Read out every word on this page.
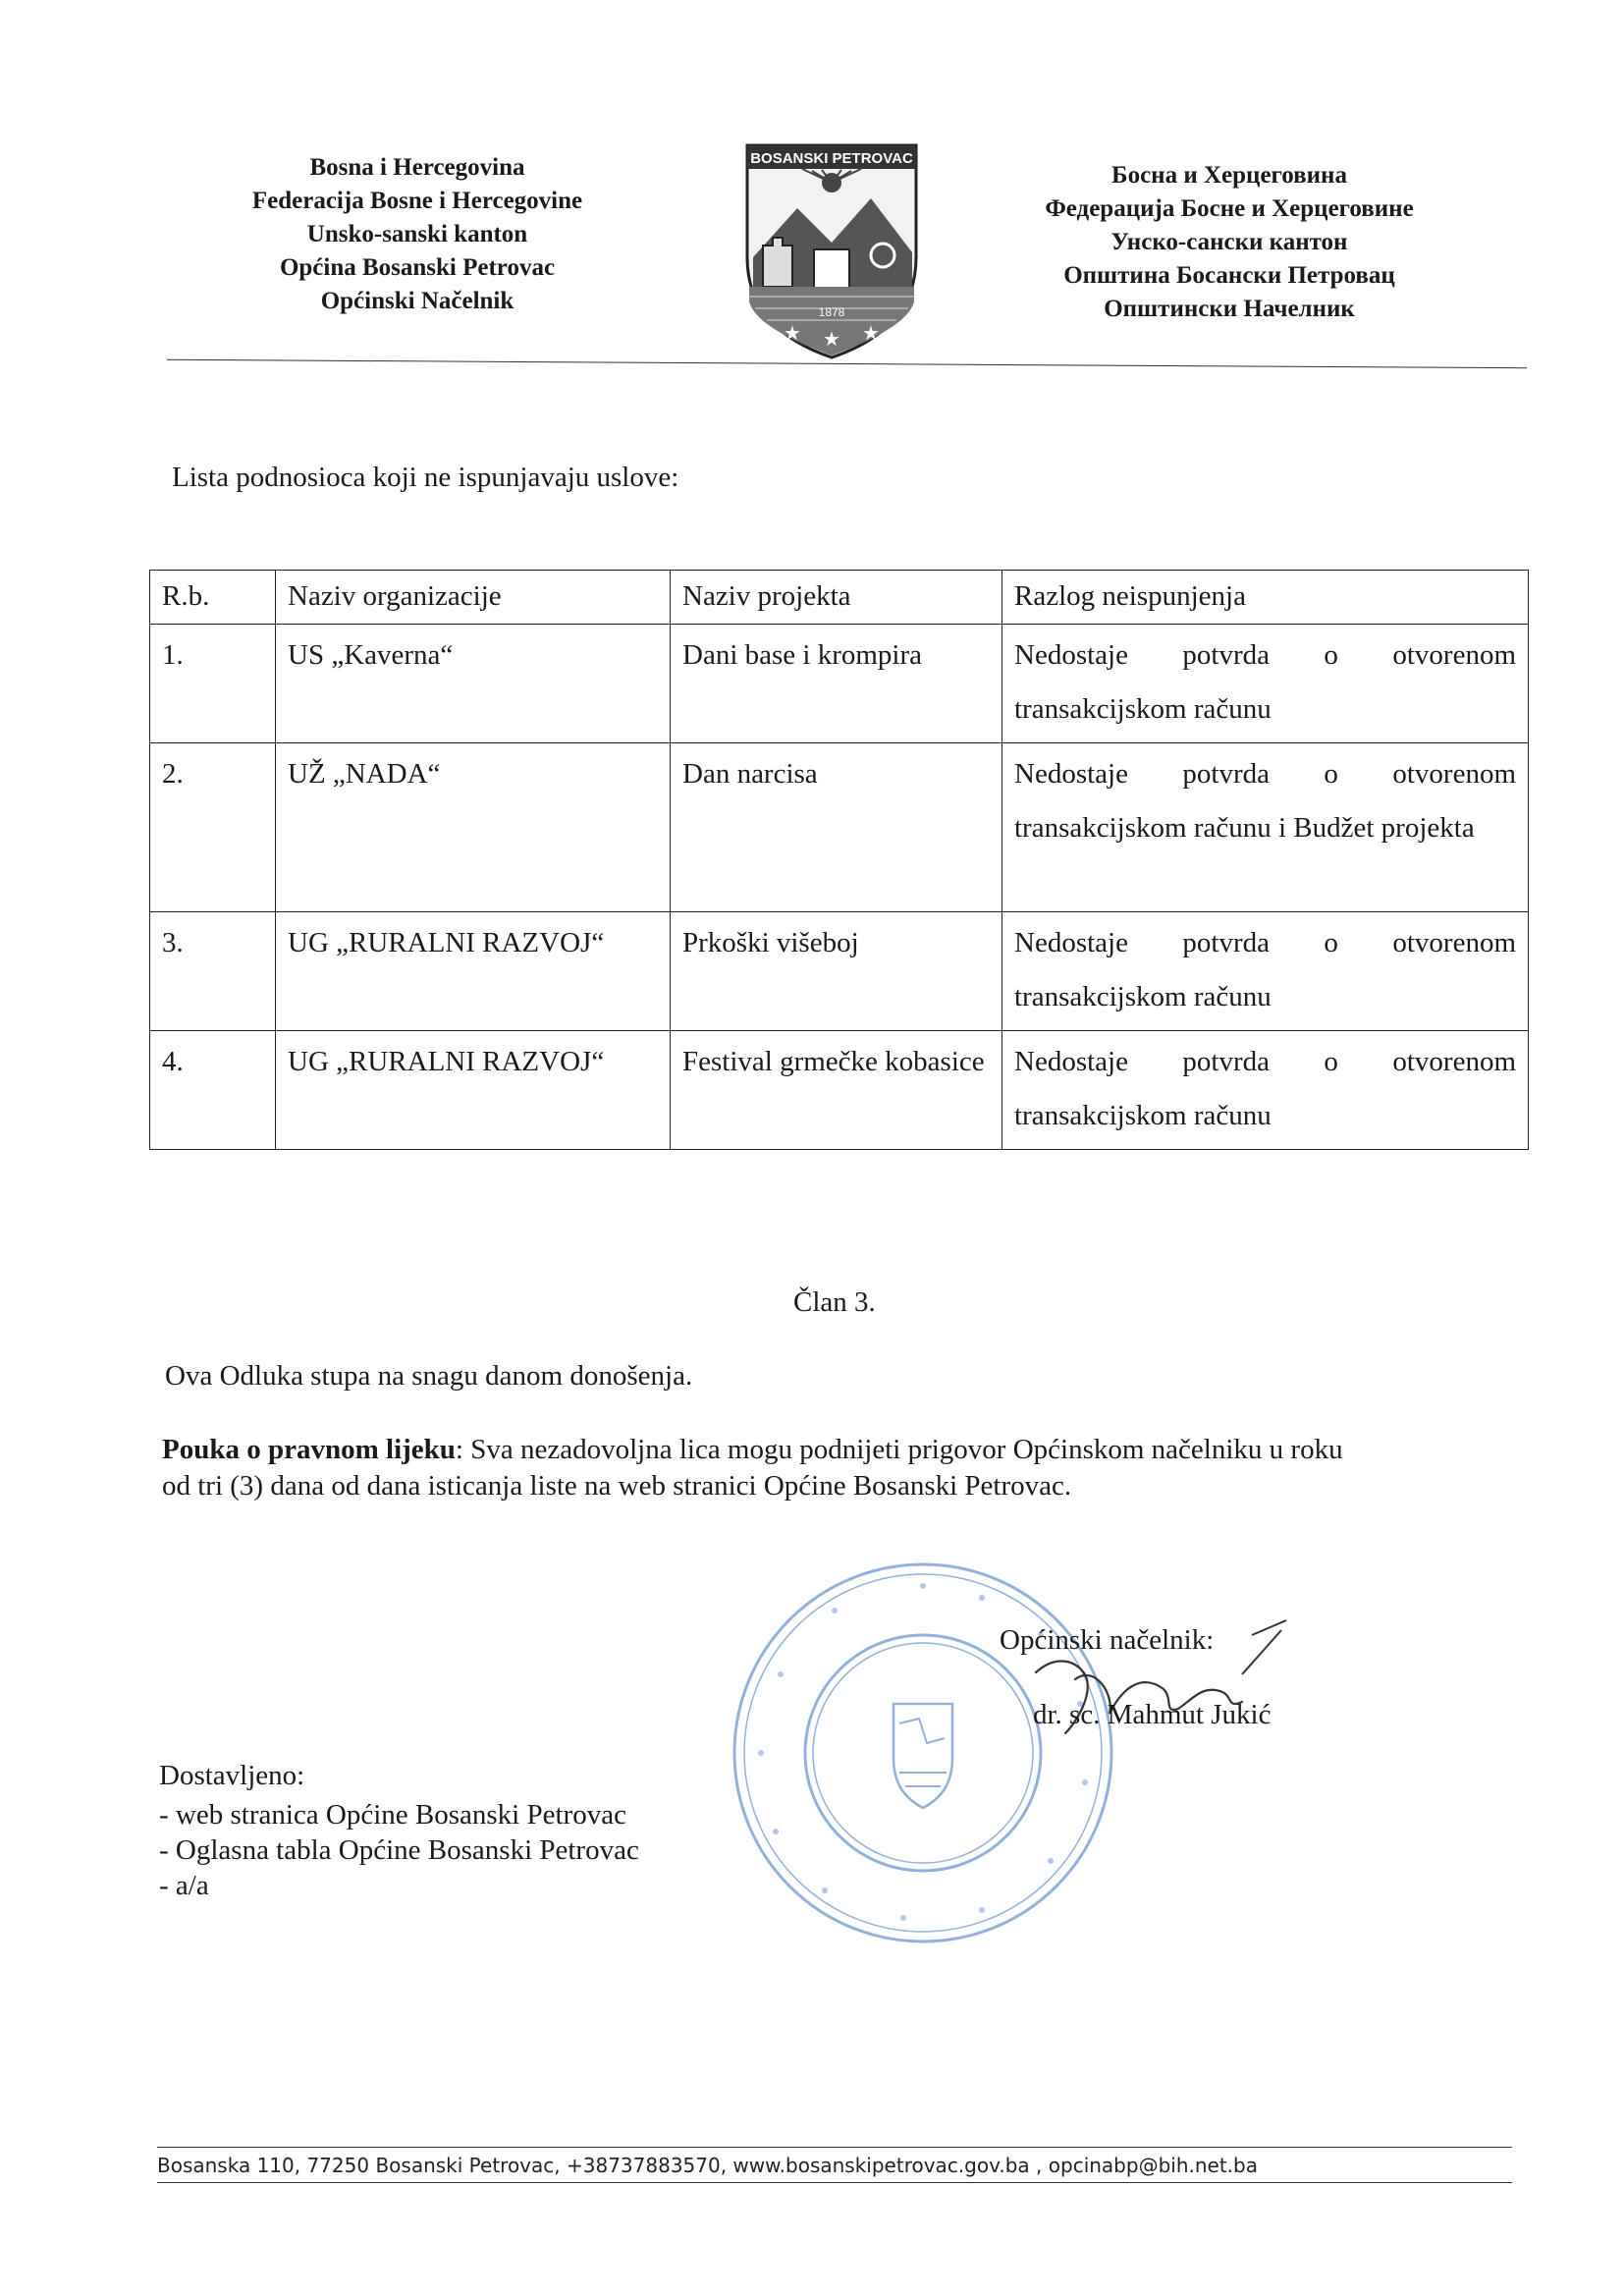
Bosna i Hercegovina
Federacija Bosne i Hercegovine
Unsko-sanski kanton
Općina Bosanski Petrovac
Općinski Načelnik
BOSANSKI PETROVAC
1878
★ ★ ★
Босна и Херцеговина
Федерација Босне и Херцеговине
Унско-сански кантон
Општина Босански Петровац
Општински Начелник
Lista podnosioca koji ne ispunjavaju uslove:
R.b.	Naziv organizacije	Naziv projekta	Razlog neispunjenja
1.	US „Kaverna“	Dani base i krompira	Nedostaje potvrda o otvorenom transakcijskom računu
2.	UŽ „NADA“	Dan narcisa	Nedostaje potvrda o otvorenom transakcijskom računu i Budžet projekta
3.	UG „RURALNI RAZVOJ“	Prkoški višeboj	Nedostaje potvrda o otvorenom transakcijskom računu
4.	UG „RURALNI RAZVOJ“	Festival grmečke kobasice	Nedostaje potvrda o otvorenom transakcijskom računu
Član 3.
Ova Odluka stupa na snagu danom donošenja.
Pouka o pravnom lijeku: Sva nezadovoljna lica mogu podnijeti prigovor Općinskom načelniku u roku
od tri (3) dana od dana isticanja liste na web stranici Općine Bosanski Petrovac.
Općinski načelnik:
dr. sc. Mahmut Jukić
Dostavljeno:
- web stranica Općine Bosanski Petrovac
- Oglasna tabla Općine Bosanski Petrovac
- a/a
Bosanska 110, 77250 Bosanski Petrovac, +38737883570, www.bosanskipetrovac.gov.ba , opcinabp@bih.net.ba
